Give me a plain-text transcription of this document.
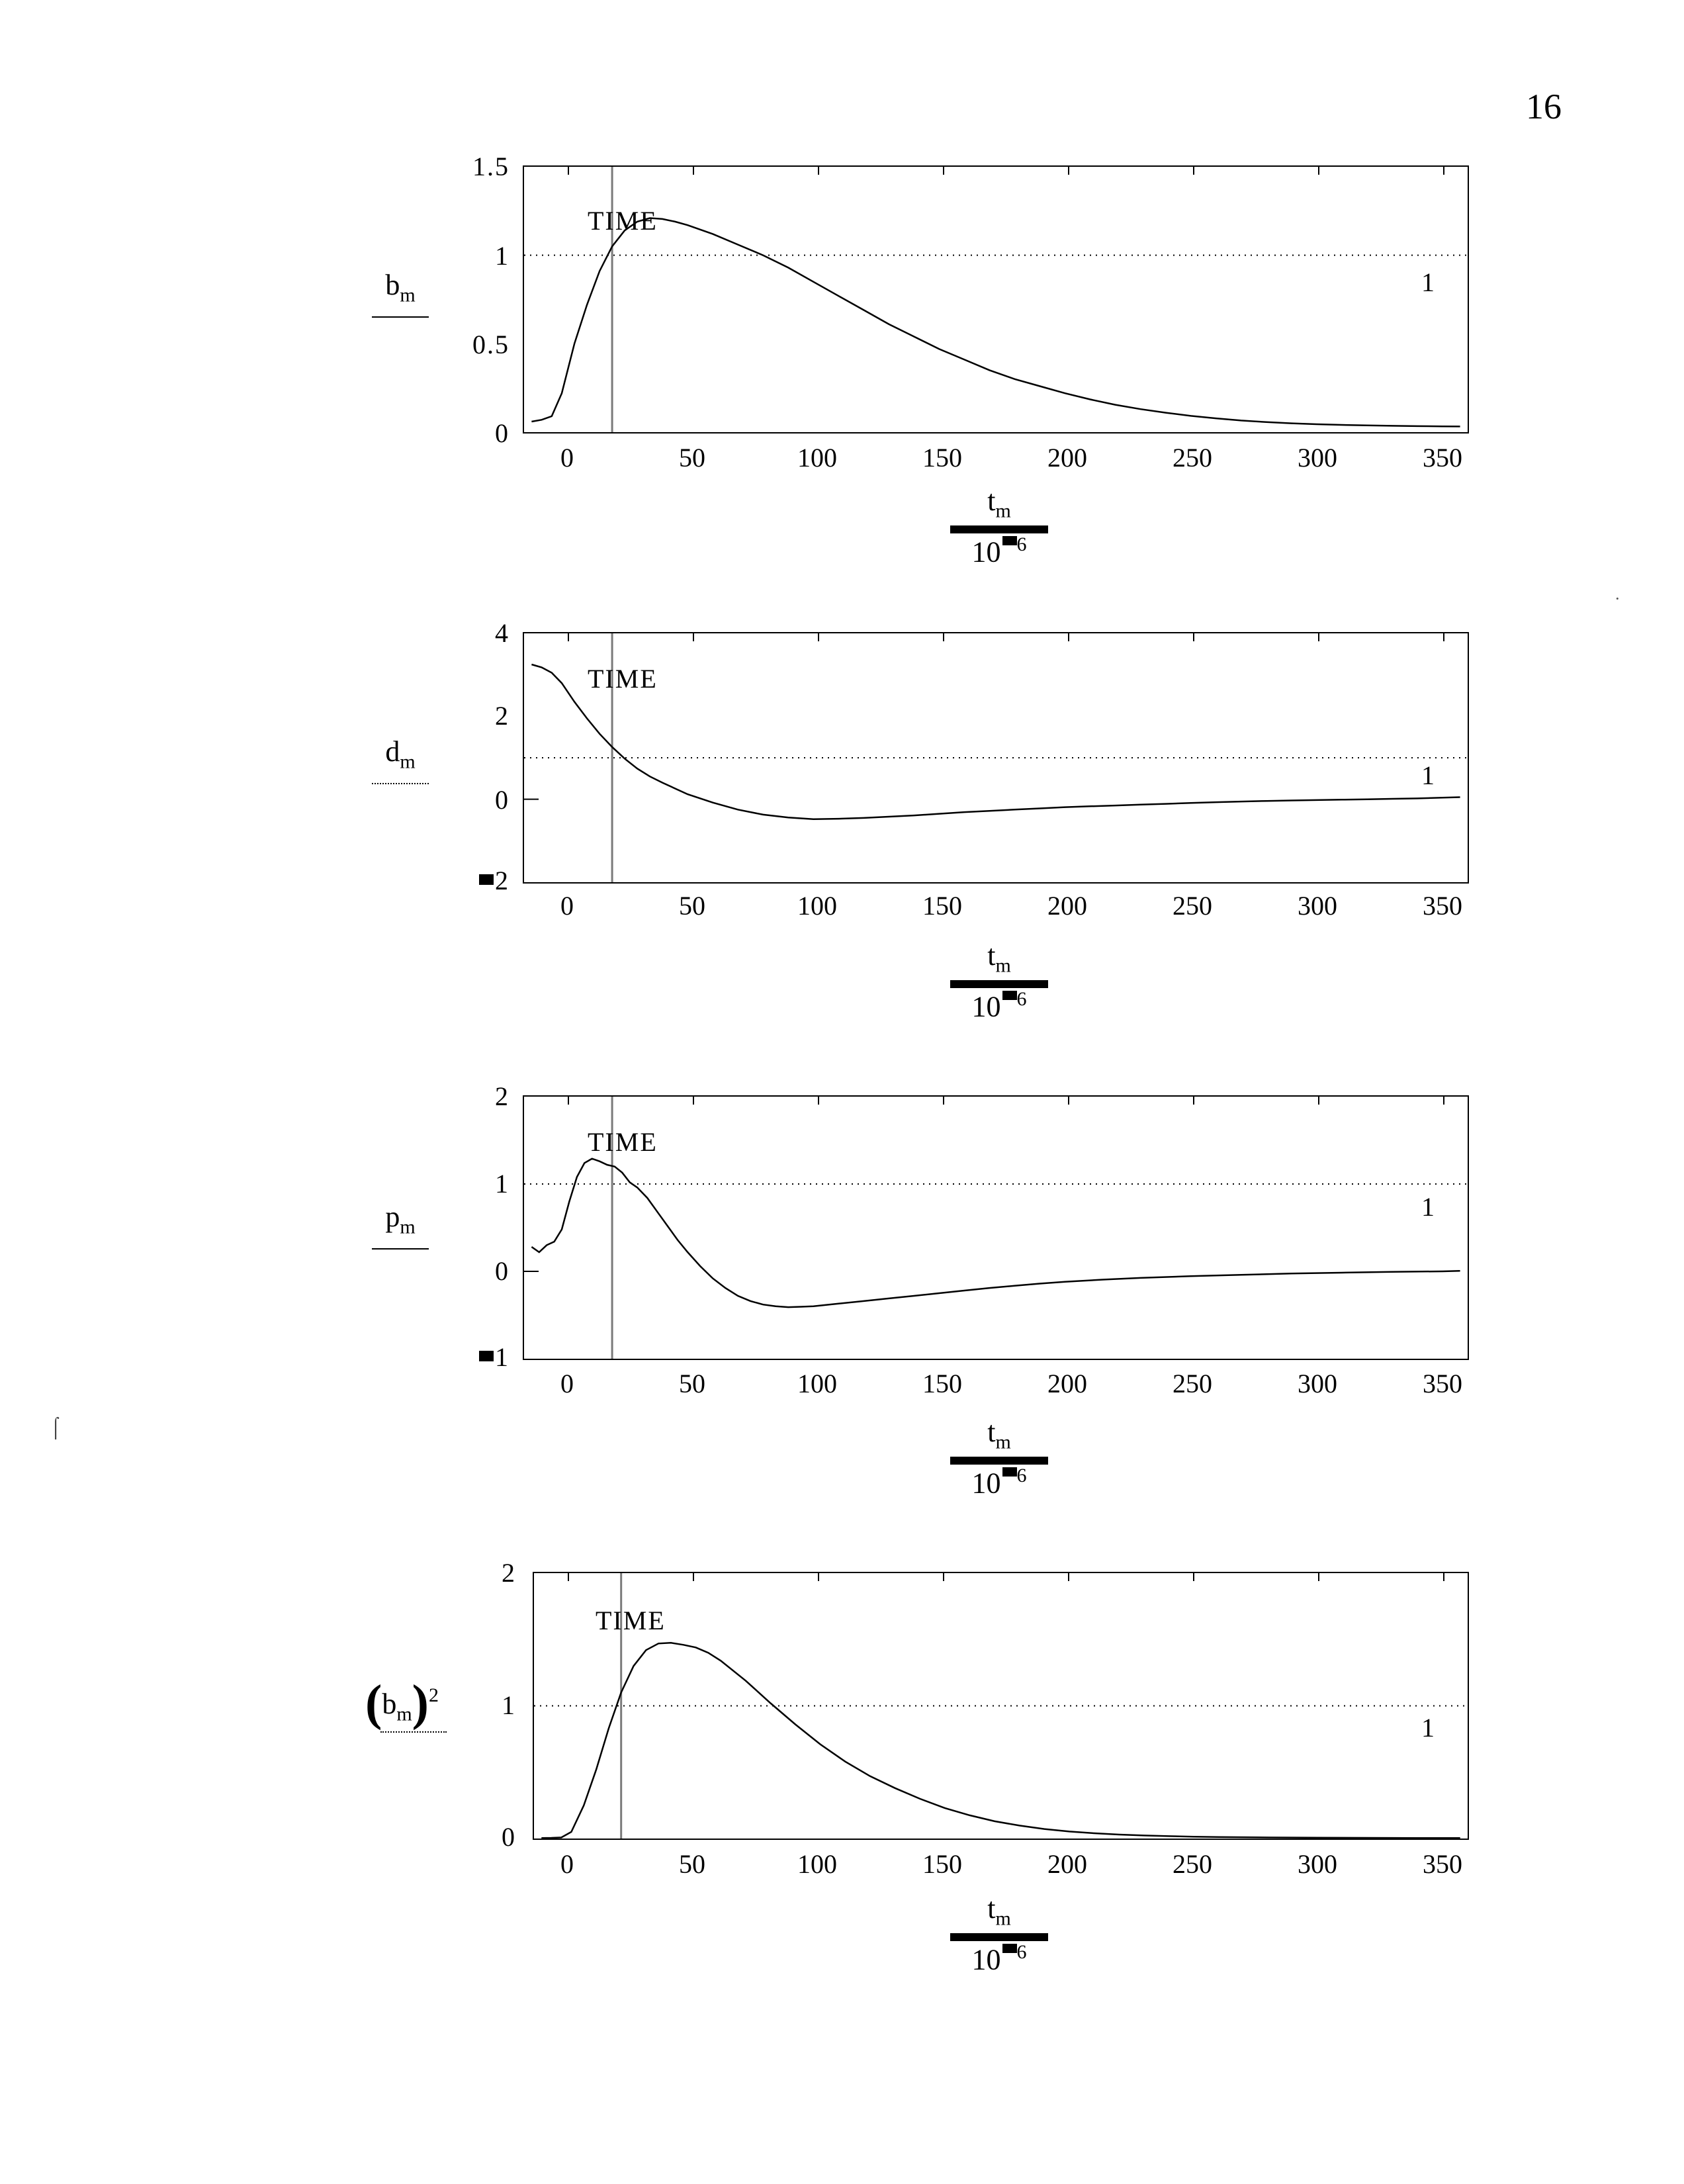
16
·
⌠
1.5
1
0.5
0
$b_m$
TIME
1
0	50	100	150	200	250	300	350
$t_m$
10 $^6$
4
2
0
2
$d_m$
TIME
1
0	50	100	150	200	250	300	350
$t_m$
10 $^6$
2
1
0
1
$p_m$
TIME
1
0	50	100	150	200	250	300	350
$t_m$
10 $^6$
2
1
0
$(b_m)^2$
TIME
1
0	50	100	150	200	250	300	350
$t_m$
10 $^6$
